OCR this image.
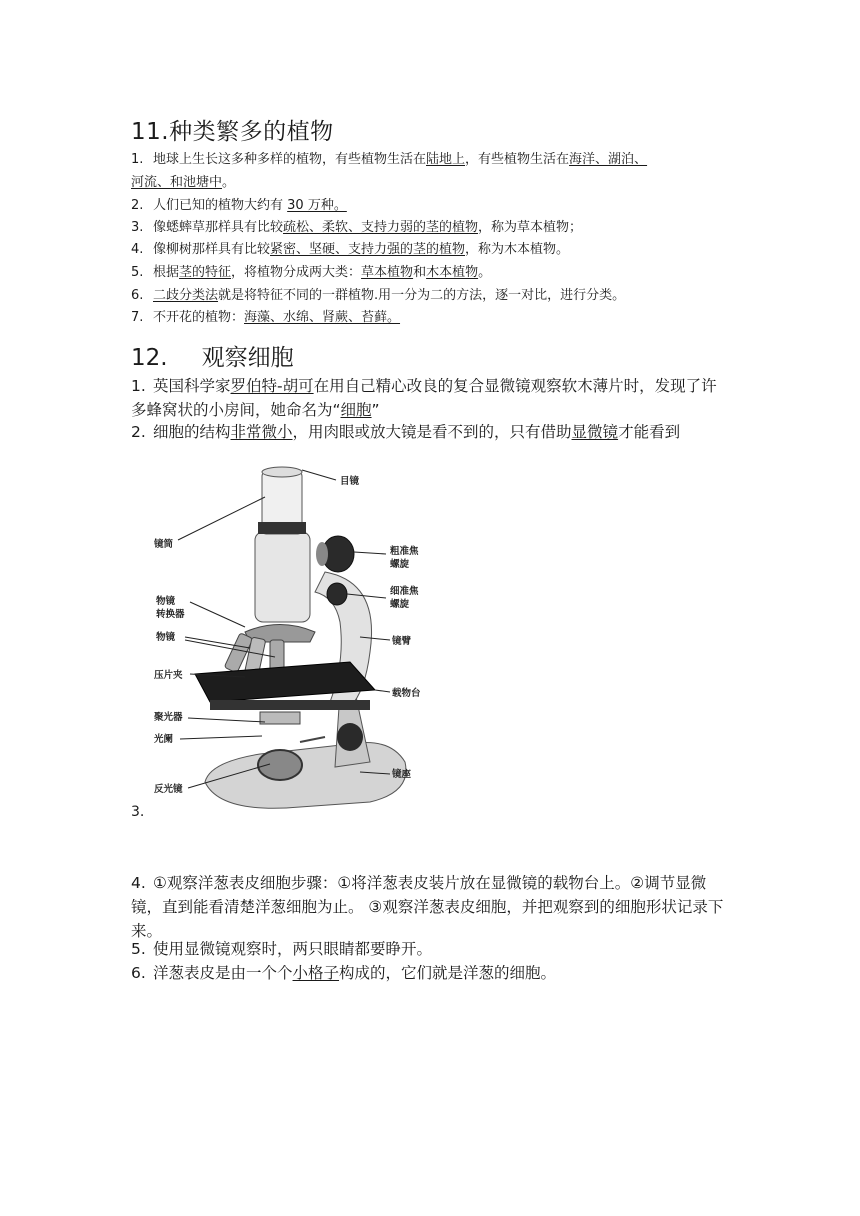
11.种类繁多的植物
1. 地球上生长这多种多样的植物，有些植物生活在陆地上，有些植物生活在海洋、湖泊、
河流、和池塘中。
2. 人们已知的植物大约有 30 万种。
3. 像蟋蟀草那样具有比较疏松、柔软、支持力弱的茎的植物，称为草本植物；
4. 像柳树那样具有比较紧密、坚硬、支持力强的茎的植物，称为木本植物。
5. 根据茎的特征，将植物分成两大类：草本植物和木本植物。
6. 二歧分类法就是将特征不同的一群植物.用一分为二的方法，逐一对比，进行分类。
7. 不开花的植物：海藻、水绵、肾蕨、苔藓。
12. 观察细胞
1. 英国科学家罗伯特-胡可在用自己精心改良的复合显微镜观察软木薄片时，发现了许多蜂窝状的小房间，她命名为“细胞”
2. 细胞的结构非常微小，用肉眼或放大镜是看不到的，只有借助显微镜才能看到
目镜
镜筒
粗准焦
螺旋
细准焦
螺旋
物镜
转换器
物镜	镜臂
压片夹
载物台
聚光器
光阑
镜座
反光镜
3.
4. ①观察洋葱表皮细胞步骤：①将洋葱表皮装片放在显微镜的载物台上。②调节显微镜，直到能看清楚洋葱细胞为止。 ③观察洋葱表皮细胞，并把观察到的细胞形状记录下来。
5. 使用显微镜观察时，两只眼睛都要睁开。
6. 洋葱表皮是由一个个小格子构成的，它们就是洋葱的细胞。
